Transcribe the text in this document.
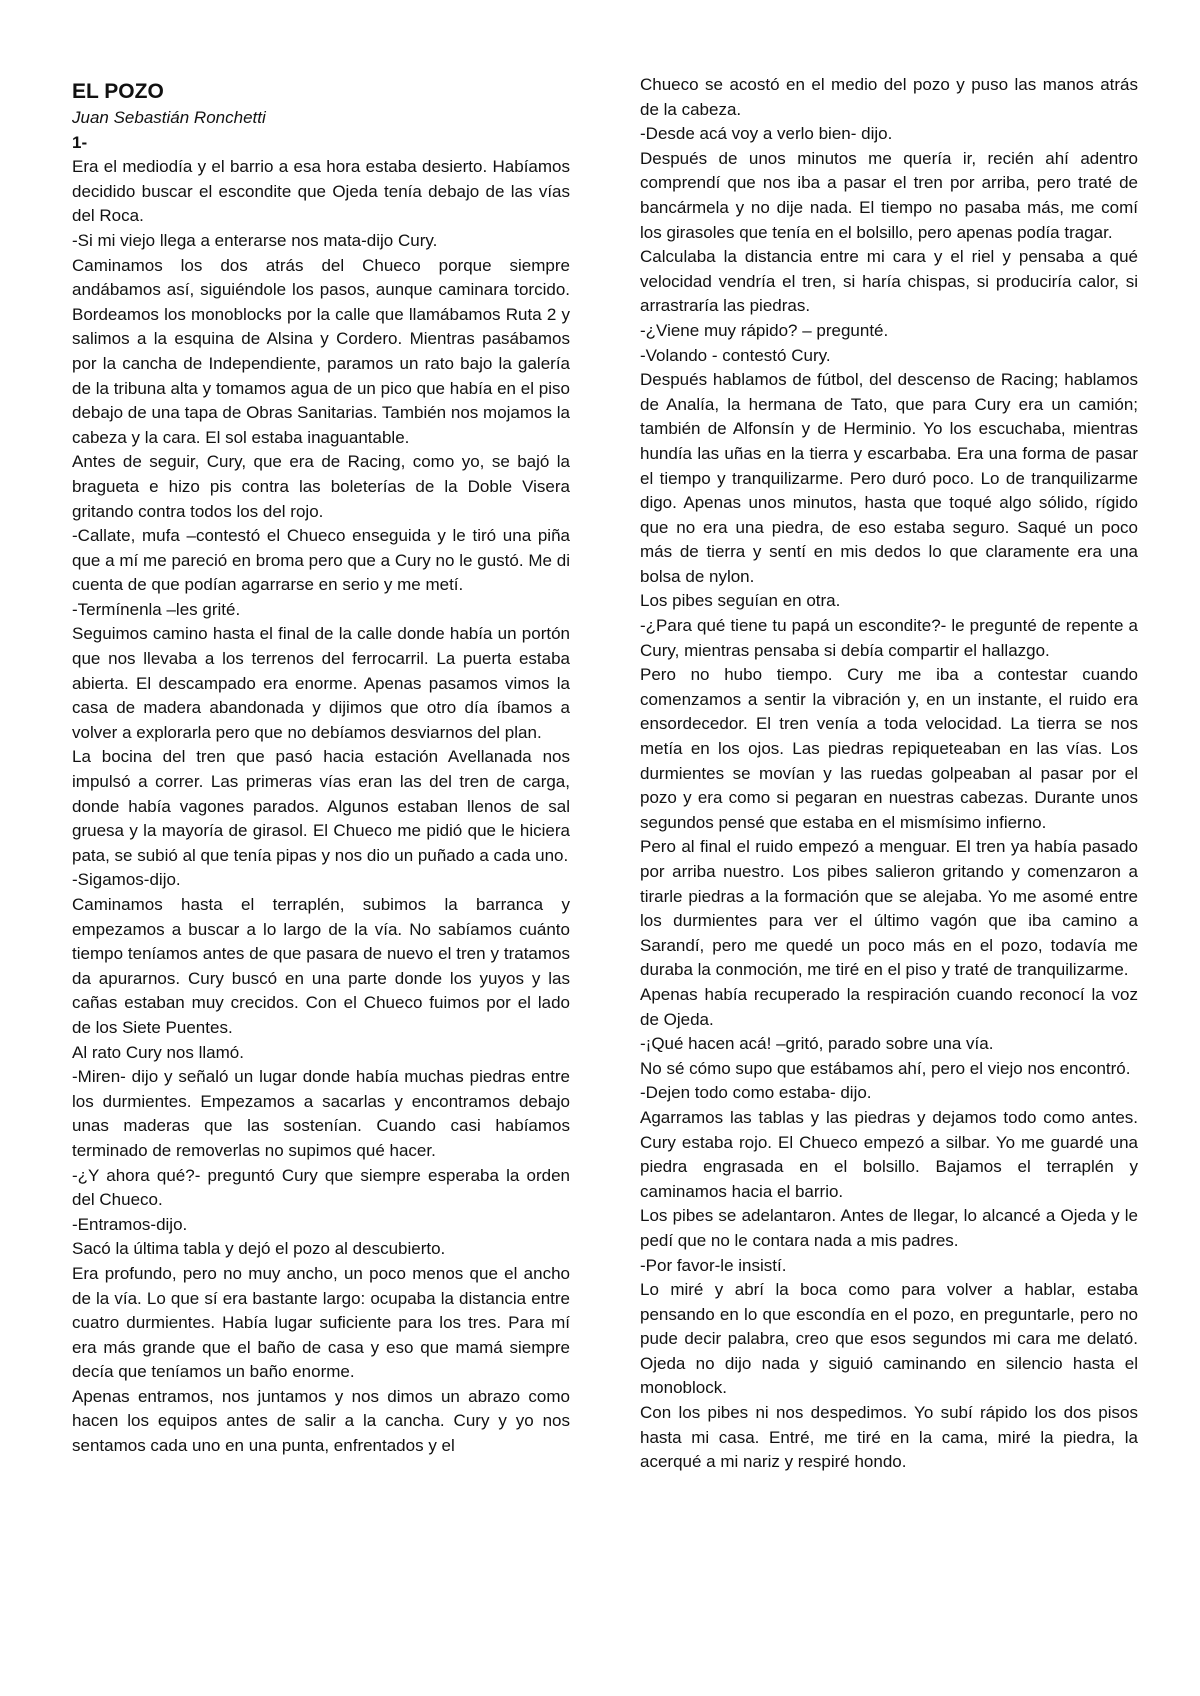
EL POZO

Juan Sebastián Ronchetti

1-

Era el mediodía y el barrio a esa hora estaba desierto. Habíamos decidido buscar el escondite que Ojeda tenía debajo de las vías del Roca.

-Si mi viejo llega a enterarse nos mata-dijo Cury.

Caminamos los dos atrás del Chueco porque siempre andábamos así, siguiéndole los pasos, aunque caminara torcido. Bordeamos los monoblocks por la calle que llamábamos Ruta 2 y salimos a la esquina de Alsina y Cordero. Mientras pasábamos por la cancha de Independiente, paramos un rato bajo la galería de la tribuna alta y tomamos agua de un pico que había en el piso debajo de una tapa de Obras Sanitarias. También nos mojamos la cabeza y la cara. El sol estaba inaguantable.

Antes de seguir, Cury, que era de Racing, como yo, se bajó la bragueta e hizo pis contra las boleterías de la Doble Visera gritando contra todos los del rojo.

-Callate, mufa –contestó el Chueco enseguida y le tiró una piña que a mí me pareció en broma pero que a Cury no le gustó. Me di cuenta de que podían agarrarse en serio y me metí.

-Termínenla –les grité.

Seguimos camino hasta el final de la calle donde había un portón que nos llevaba a los terrenos del ferrocarril. La puerta estaba abierta. El descampado era enorme. Apenas pasamos vimos la casa de madera abandonada y dijimos que otro día íbamos a volver a explorarla pero que no debíamos desviarnos del plan.

La bocina del tren que pasó hacia estación Avellanada nos impulsó a correr. Las primeras vías eran las del tren de carga, donde había vagones parados. Algunos estaban llenos de sal gruesa y la mayoría de girasol. El Chueco me pidió que le hiciera pata, se subió al que tenía pipas y nos dio un puñado a cada uno.

-Sigamos-dijo.

Caminamos hasta el terraplén, subimos la barranca y empezamos a buscar a lo largo de la vía. No sabíamos cuánto tiempo teníamos antes de que pasara de nuevo el tren y tratamos da apurarnos. Cury buscó en una parte donde los yuyos y las cañas estaban muy crecidos. Con el Chueco fuimos por el lado de los Siete Puentes.

Al rato Cury nos llamó.

-Miren- dijo y señaló un lugar donde había muchas piedras entre los durmientes. Empezamos a sacarlas y encontramos debajo unas maderas que las sostenían. Cuando casi habíamos terminado de removerlas no supimos qué hacer.

-¿Y ahora qué?- preguntó Cury que siempre esperaba la orden del Chueco.

-Entramos-dijo.

Sacó la última tabla y dejó el pozo al descubierto.

Era profundo, pero no muy ancho, un poco menos que el ancho de la vía. Lo que sí era bastante largo: ocupaba la distancia entre cuatro durmientes. Había lugar suficiente para los tres. Para mí era más grande que el baño de casa y eso que mamá siempre decía que teníamos un baño enorme.

Apenas entramos, nos juntamos y nos dimos un abrazo como hacen los equipos antes de salir a la cancha. Cury y yo nos sentamos cada uno en una punta, enfrentados y el

Chueco se acostó en el medio del pozo y puso las manos atrás de la cabeza.

-Desde acá voy a verlo bien- dijo.

Después de unos minutos me quería ir, recién ahí adentro comprendí que nos iba a pasar el tren por arriba, pero traté de bancármela y no dije nada. El tiempo no pasaba más, me comí los girasoles que tenía en el bolsillo, pero apenas podía tragar.

Calculaba la distancia entre mi cara y el riel y pensaba a qué velocidad vendría el tren, si haría chispas, si produciría calor, si arrastraría las piedras.

-¿Viene muy rápido? – pregunté.

-Volando - contestó Cury.

Después hablamos de fútbol, del descenso de Racing; hablamos de Analía, la hermana de Tato, que para Cury era un camión; también de Alfonsín y de Herminio. Yo los escuchaba, mientras hundía las uñas en la tierra y escarbaba. Era una forma de pasar el tiempo y tranquilizarme. Pero duró poco. Lo de tranquilizarme digo. Apenas unos minutos, hasta que toqué algo sólido, rígido que no era una piedra, de eso estaba seguro. Saqué un poco más de tierra y sentí en mis dedos lo que claramente era una bolsa de nylon.

Los pibes seguían en otra.

-¿Para qué tiene tu papá un escondite?- le pregunté de repente a Cury, mientras pensaba si debía compartir el hallazgo.

Pero no hubo tiempo. Cury me iba a contestar cuando comenzamos a sentir la vibración y, en un instante, el ruido era ensordecedor. El tren venía a toda velocidad. La tierra se nos metía en los ojos. Las piedras repiqueteaban en las vías. Los durmientes se movían y las ruedas golpeaban al pasar por el pozo y era como si pegaran en nuestras cabezas. Durante unos segundos pensé que estaba en el mismísimo infierno.

Pero al final el ruido empezó a menguar. El tren ya había pasado por arriba nuestro. Los pibes salieron gritando y comenzaron a tirarle piedras a la formación que se alejaba. Yo me asomé entre los durmientes para ver el último vagón que iba camino a Sarandí, pero me quedé un poco más en el pozo, todavía me duraba la conmoción, me tiré en el piso y traté de tranquilizarme.

Apenas había recuperado la respiración cuando reconocí la voz de Ojeda.

-¡Qué hacen acá! –gritó, parado sobre una vía.

No sé cómo supo que estábamos ahí, pero el viejo nos encontró.

-Dejen todo como estaba- dijo.

Agarramos las tablas y las piedras y dejamos todo como antes. Cury estaba rojo. El Chueco empezó a silbar. Yo me guardé una piedra engrasada en el bolsillo. Bajamos el terraplén y caminamos hacia el barrio.

Los pibes se adelantaron. Antes de llegar, lo alcancé a Ojeda y le pedí que no le contara nada a mis padres.

-Por favor-le insistí.

Lo miré y abrí la boca como para volver a hablar, estaba pensando en lo que escondía en el pozo, en preguntarle, pero no pude decir palabra, creo que esos segundos mi cara me delató. Ojeda no dijo nada y siguió caminando en silencio hasta el monoblock.

Con los pibes ni nos despedimos. Yo subí rápido los dos pisos hasta mi casa. Entré, me tiré en la cama, miré la piedra, la acerqué a mi nariz y respiré hondo.
